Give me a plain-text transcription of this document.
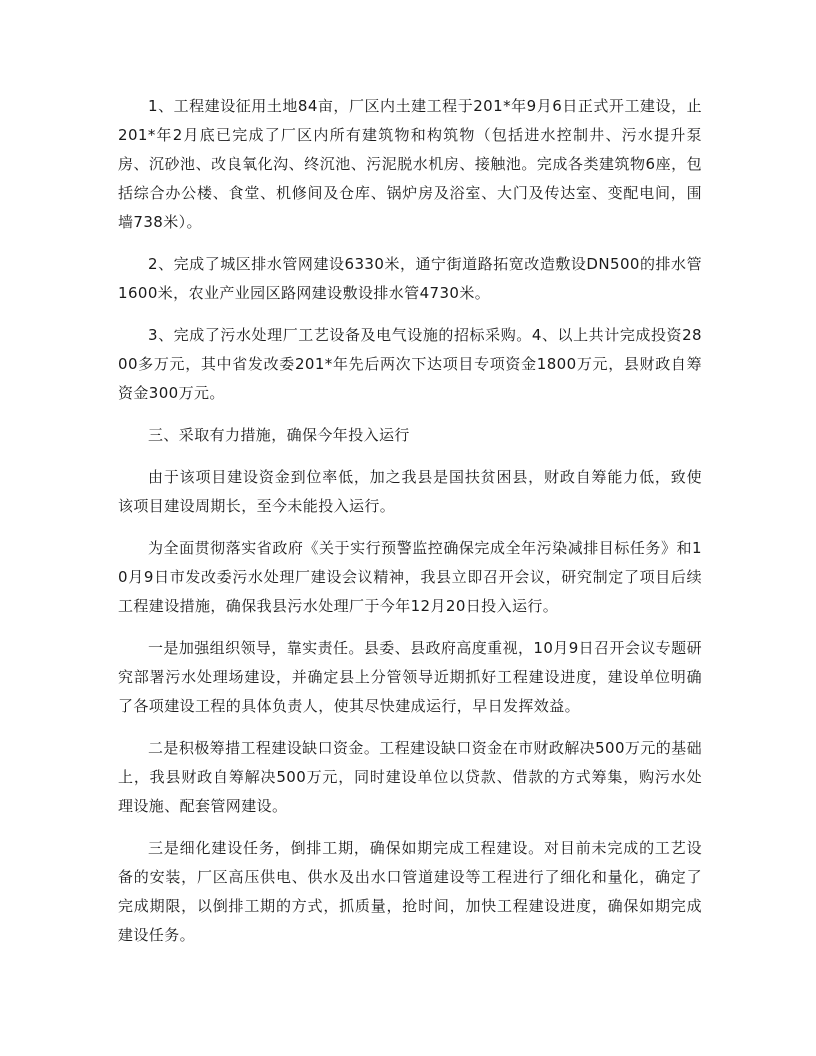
1、工程建设征用土地84亩，厂区内土建工程于201*年9月6日正式开工建设，止201*年2月底已完成了厂区内所有建筑物和构筑物（包括进水控制井、污水提升泵房、沉砂池、改良氧化沟、终沉池、污泥脱水机房、接触池。完成各类建筑物6座，包括综合办公楼、食堂、机修间及仓库、锅炉房及浴室、大门及传达室、变配电间，围墙738米）。

2、完成了城区排水管网建设6330米，通宁街道路拓宽改造敷设DN500的排水管1600米，农业产业园区路网建设敷设排水管4730米。

3、完成了污水处理厂工艺设备及电气设施的招标采购。4、以上共计完成投资2800多万元，其中省发改委201*年先后两次下达项目专项资金1800万元，县财政自筹资金300万元。

三、采取有力措施，确保今年投入运行

由于该项目建设资金到位率低，加之我县是国扶贫困县，财政自筹能力低，致使该项目建设周期长，至今未能投入运行。

为全面贯彻落实省政府《关于实行预警监控确保完成全年污染减排目标任务》和10月9日市发改委污水处理厂建设会议精神，我县立即召开会议，研究制定了项目后续工程建设措施，确保我县污水处理厂于今年12月20日投入运行。

一是加强组织领导，靠实责任。县委、县政府高度重视，10月9日召开会议专题研究部署污水处理场建设，并确定县上分管领导近期抓好工程建设进度，建设单位明确了各项建设工程的具体负责人，使其尽快建成运行，早日发挥效益。

二是积极筹措工程建设缺口资金。工程建设缺口资金在市财政解决500万元的基础上，我县财政自筹解决500万元，同时建设单位以贷款、借款的方式筹集，购污水处理设施、配套管网建设。

三是细化建设任务，倒排工期，确保如期完成工程建设。对目前未完成的工艺设备的安装，厂区高压供电、供水及出水口管道建设等工程进行了细化和量化，确定了完成期限，以倒排工期的方式，抓质量，抢时间，加快工程建设进度，确保如期完成建设任务。
